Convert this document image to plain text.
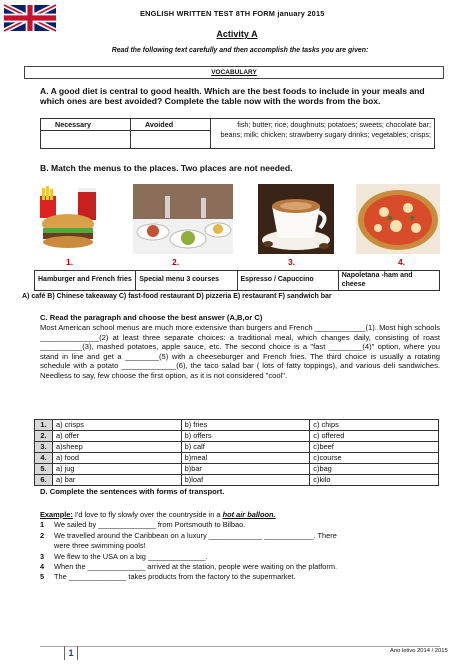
ENGLISH WRITTEN TEST 8TH FORM january 2015
Activity A
Read the following text carefully and then accomplish the tasks you are given:
VOCABULARY
A. A good diet is central to good health. Which are the best foods to include in your meals and which ones are best avoided? Complete the table now with the words from the box.
Necessary	Avoided	fish; butter; rice; doughnuts; potatoes; sweets; chocolate bar; beans; milk; chicken; strawberry sugary drinks; vegetables; crisps;

B. Match the menus to the places. Two places are not needed.
1.	2.	3.	4.
Hamburger and French fries	Special menu 3 courses	Espresso / Capuccino	Napoletana -ham and cheese
A) café B) Chinese takeaway C) fast-food restaurant D) pizzeria E) restaurant F) sandwich bar
C. Read the paragraph and choose the best answer (A,B,or C)
Most American school menus are much more extensive than burgers and French ____________(1). Most high schools ______________(2) at least three separate choices: a traditional meal, which changes daily, consisting of roast __________(3), mashed potatoes, apple sauce, etc. The second choice is a "fast ________(4)" option, where you stand in line and get a ________(5) with a cheeseburger and French fries. The third choice is usually a rotating schedule with a potato _____________(6), the taco salad bar ( lots of fatty toppings), and various deli sandwiches. Needless to say, few choose the first option, as it is not considered "cool".
1.	a) crisps	b) fries	c) chips
2.	a) offer	b) offers	c) offered
3.	a)sheep	b) calf	c)beef
4.	a) food	b)meal	c)course
5.	a) jug	b)bar	c)bag
6.	a) bar	b)loaf	c)kilo
D. Complete the sentences with forms of transport.
Example: I'd love to fly slowly over the countryside in a hot air balloon.
1	We sailed by ______________ from Portsmouth to Bilbao.
2	We travelled around the Caribbean on a luxury _____________ ____________. There
were three swimming pools!
3	We flew to the USA on a big ______________.
4	When the ______________ arrived at the station, people were waiting on the platform.
5	The ______________ takes products from the factory to the supermarket.
1	Ano letivo 2014 / 2015
